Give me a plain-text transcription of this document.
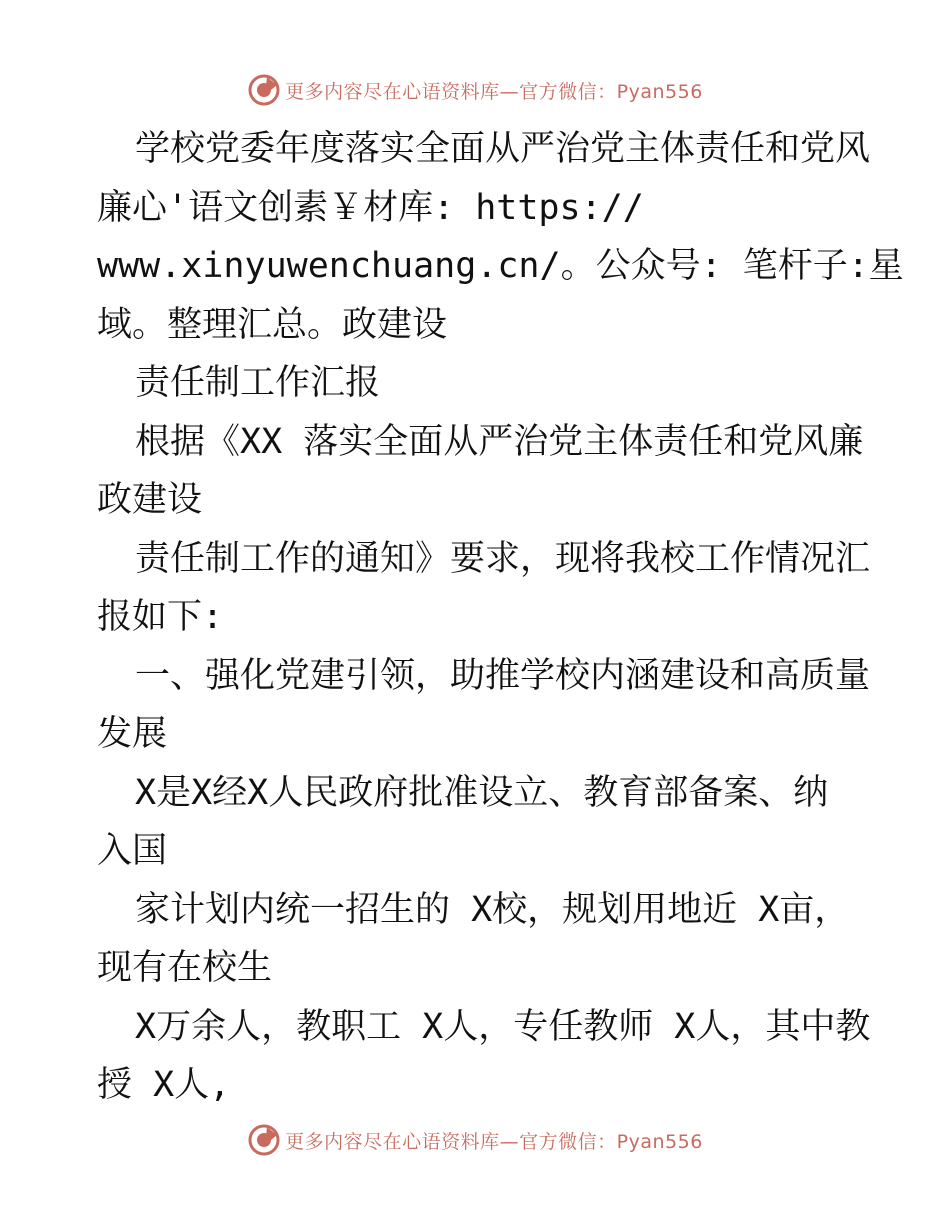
更多内容尽在心语资料库—官方微信：Pyan556
学校党委年度落实全面从严治党主体责任和党风
廉心'语文创素￥材库: https://
www.xinyuwenchuang.cn/。公众号: 笔杆子:星
域。整理汇总。政建设
责任制工作汇报
根据《XX 落实全面从严治党主体责任和党风廉
政建设
责任制工作的通知》要求，现将我校工作情况汇
报如下:
一、强化党建引领，助推学校内涵建设和高质量
发展
X是X经X人民政府批准设立、教育部备案、纳
入国
家计划内统一招生的 X校，规划用地近 X亩，
现有在校生
X万余人，教职工 X人，专任教师 X人，其中教
授 X人,
更多内容尽在心语资料库—官方微信：Pyan556
